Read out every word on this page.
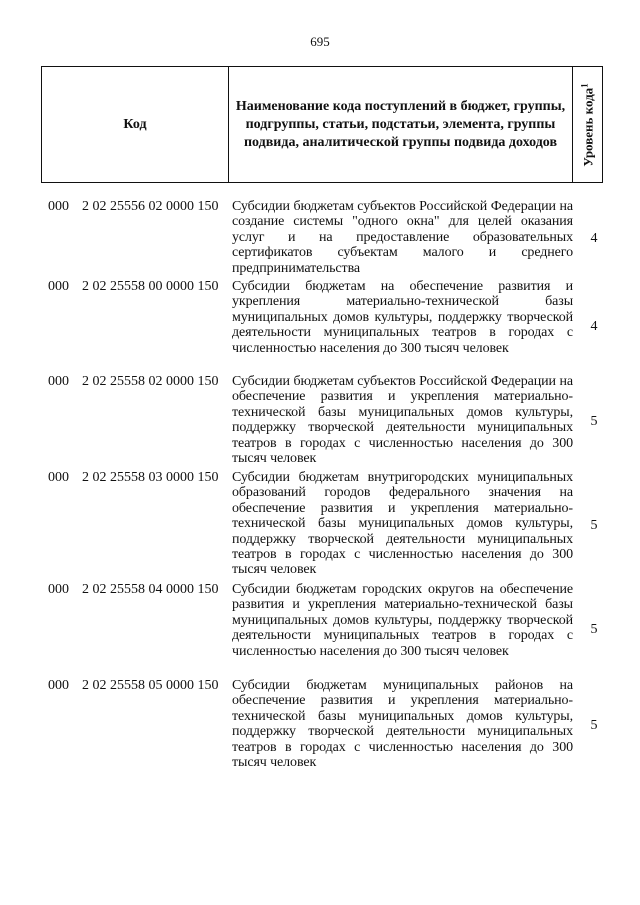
695
Код
Наименование кода поступлений в бюджет, группы, подгруппы, статьи, подстатьи, элемента, группы подвида, аналитической группы подвида доходов	Уровень кода$^1$
000 2 02 25556 02 0000 150 Субсидии бюджетам субъектов Российской Федерации на создание системы "одного окна" для целей оказания услуг и на предоставление образовательных сертификатов субъектам малого и среднего предпринимательства
4
000 2 02 25558 00 0000 150 Субсидии бюджетам на обеспечение развития и укрепления материально-технической базы муниципальных домов культуры, поддержку творческой деятельности муниципальных театров в городах с численностью населения до 300 тысяч человек
4
000 2 02 25558 02 0000 150 Субсидии бюджетам субъектов Российской Федерации на обеспечение развития и укрепления материально-технической базы муниципальных домов культуры, поддержку творческой деятельности муниципальных театров в городах с численностью населения до 300 тысяч человек
5
000 2 02 25558 03 0000 150 Субсидии бюджетам внутригородских муниципальных образований городов федерального значения на обеспечение развития и укрепления материально-технической базы муниципальных домов культуры, поддержку творческой деятельности муниципальных театров в городах с численностью населения до 300 тысяч человек
5
000 2 02 25558 04 0000 150 Субсидии бюджетам городских округов на обеспечение развития и укрепления материально-технической базы муниципальных домов культуры, поддержку творческой деятельности муниципальных театров в городах с численностью населения до 300 тысяч человек
5
000 2 02 25558 05 0000 150 Субсидии бюджетам муниципальных районов на обеспечение развития и укрепления материально-технической базы муниципальных домов культуры, поддержку творческой деятельности муниципальных театров в городах с численностью населения до 300 тысяч человек
5
